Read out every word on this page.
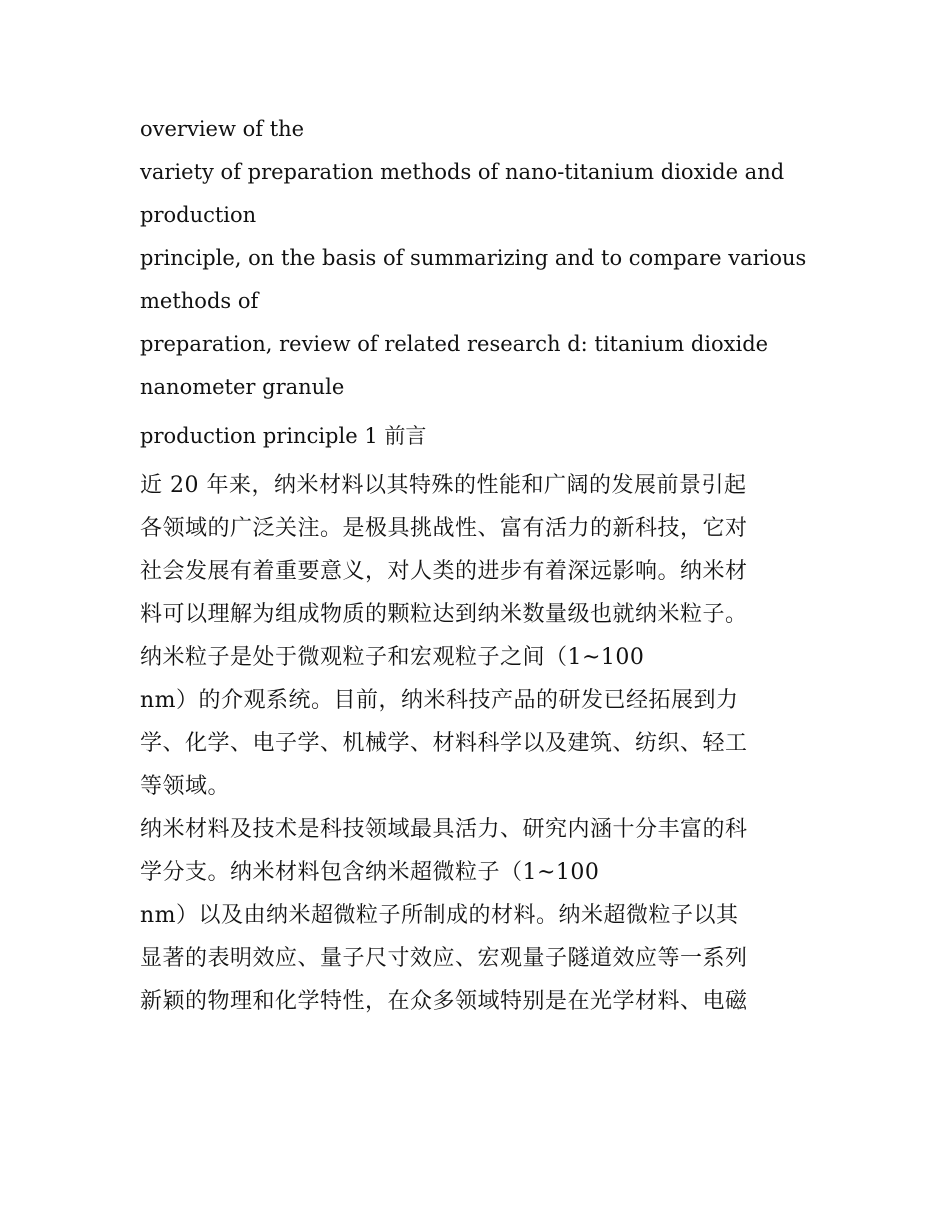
overview of the
variety of preparation methods of nano-titanium dioxide and
production
principle, on the basis of summarizing and to compare various
methods of
preparation, review of related research d: titanium dioxide
nanometer granule
production principle 1 前言
近 20 年来，纳米材料以其特殊的性能和广阔的发展前景引起
各领域的广泛关注。是极具挑战性、富有活力的新科技，它对
社会发展有着重要意义，对人类的进步有着深远影响。纳米材
料可以理解为组成物质的颗粒达到纳米数量级也就纳米粒子。
纳米粒子是处于微观粒子和宏观粒子之间（1~100
nm）的介观系统。目前，纳米科技产品的研发已经拓展到力
学、化学、电子学、机械学、材料科学以及建筑、纺织、轻工
等领域。
纳米材料及技术是科技领域最具活力、研究内涵十分丰富的科
学分支。纳米材料包含纳米超微粒子（1~100
nm）以及由纳米超微粒子所制成的材料。纳米超微粒子以其
显著的表明效应、量子尺寸效应、宏观量子隧道效应等一系列
新颖的物理和化学特性，在众多领域特别是在光学材料、电磁
